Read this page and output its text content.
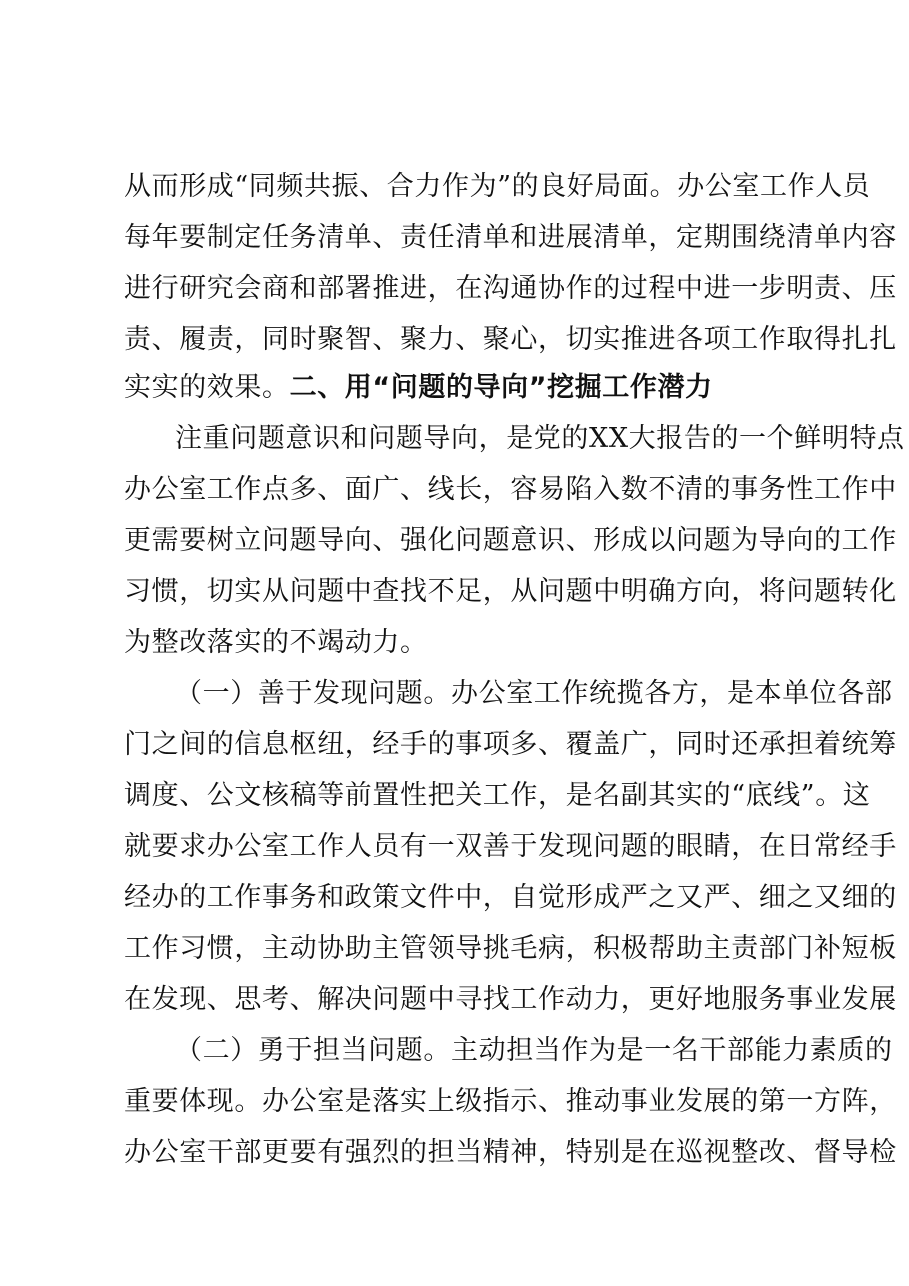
从而形成“同频共振、合力作为”的良好局面。办公室工作人员
每年要制定任务清单、责任清单和进展清单，定期围绕清单内容
进行研究会商和部署推进，在沟通协作的过程中进一步明责、压
责、履责，同时聚智、聚力、聚心，切实推进各项工作取得扎扎
实实的效果。二、用“问题的导向”挖掘工作潜力
注重问题意识和问题导向，是党的XX大报告的一个鲜明特点
办公室工作点多、面广、线长，容易陷入数不清的事务性工作中
更需要树立问题导向、强化问题意识、形成以问题为导向的工作
习惯，切实从问题中查找不足，从问题中明确方向，将问题转化
为整改落实的不竭动力。
（一）善于发现问题。办公室工作统揽各方，是本单位各部
门之间的信息枢纽，经手的事项多、覆盖广，同时还承担着统筹
调度、公文核稿等前置性把关工作，是名副其实的“底线”。这
就要求办公室工作人员有一双善于发现问题的眼睛，在日常经手
经办的工作事务和政策文件中，自觉形成严之又严、细之又细的
工作习惯，主动协助主管领导挑毛病，积极帮助主责部门补短板
在发现、思考、解决问题中寻找工作动力，更好地服务事业发展
（二）勇于担当问题。主动担当作为是一名干部能力素质的
重要体现。办公室是落实上级指示、推动事业发展的第一方阵，
办公室干部更要有强烈的担当精神，特别是在巡视整改、督导检
